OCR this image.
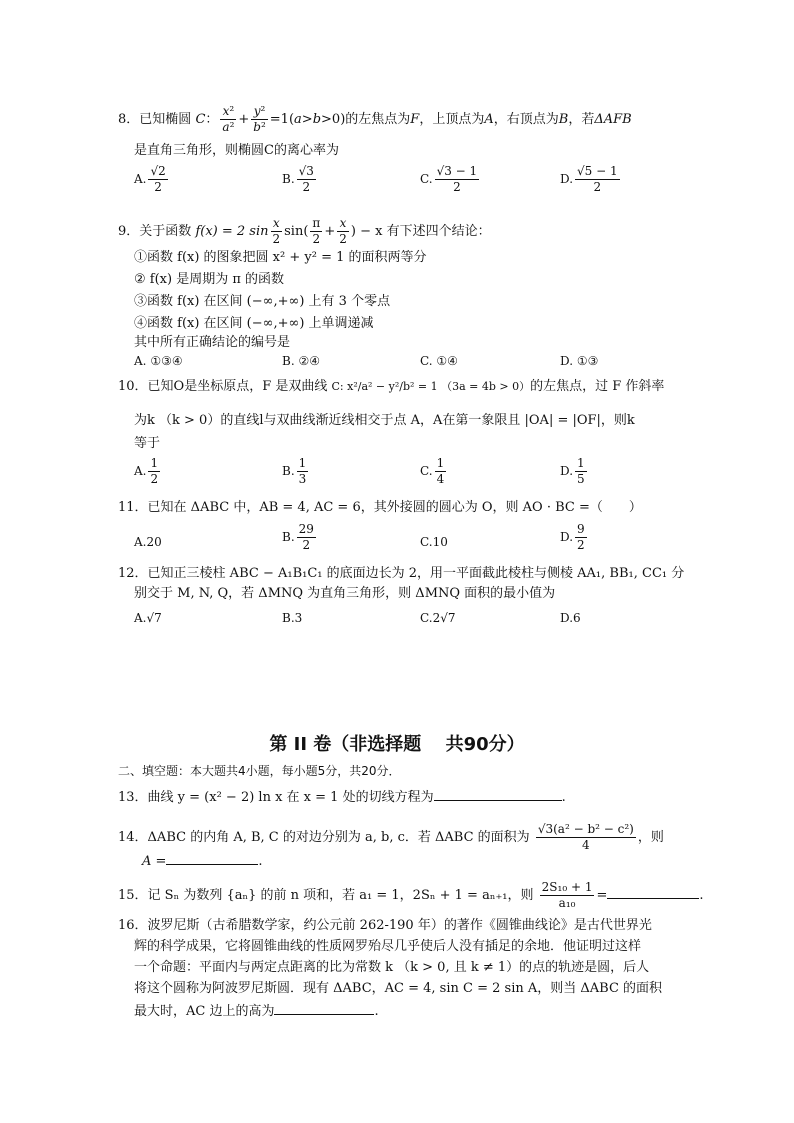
8．已知椭圆 C： $\frac{\text{x²}}{\text{a²}} + \frac{\text{y²}}{\text{b²}} =1(a>b>0)$的左焦点为F，上顶点为A，右顶点为B，若ΔAFB
是直角三角形，则椭圆C的离心率为
A. $\frac{√2}{2}$	B. $\frac{√3}{2}$	C. $\frac{√3 - 1}{2}$	D. $\frac{√5 - 1}{2}$
9．关于函数 f(x) = 2 $\sin \frac{x}{2} \sin( \frac{\pi}{2} + \frac{x}{2}$ ) − x 有下述四个结论：
①函数 f(x) 的图象把圆 x² + y² = 1 的面积两等分
② f(x) 是周期为 π 的函数
③函数 f(x) 在区间 (−∞,+∞) 上有 3 个零点
④函数 f(x) 在区间 (−∞,+∞) 上单调递减
其中所有正确结论的编号是
A. ①③④	B. ②④	C. ①④	D. ①③
10．已知O是坐标原点，F 是双曲线 C: x²/a² − y²/b² = 1 （3a = 4b > 0）的左焦点，过 F 作斜率
为k （k > 0）的直线l与双曲线渐近线相交于点 A，A在第一象限且 |OA| = |OF|，则k
等于
A. $\frac{1}{2}$	B. $\frac{1}{3}$	C. $\frac{1}{4}$	D. $\frac{1}{5}$
11．已知在 ΔABC 中，AB = 4, AC = 6，其外接圆的圆心为 O，则 AO · BC =（　　）
A.20	B. $\frac{29}{2}$	C.10	D. $\frac{9}{2}$
12．已知正三棱柱 ABC − A₁B₁C₁ 的底面边长为 2，用一平面截此棱柱与侧棱 AA₁, BB₁, CC₁ 分
别交于 M, N, Q，若 ΔMNQ 为直角三角形，则 ΔMNQ 面积的最小值为
A.√7	B.3	C.2√7	D.6
第 II 卷（非选择题　 共90分）
二、填空题：本大题共4小题，每小题5分，共20分．
13．曲线 y = (x² − 2) ln x 在 x = 1 处的切线方程为	.
14．ΔABC 的内角 A, B, C 的对边分别为 a, b, c．若 ΔABC 的面积为 $\frac{\text{√3(a² − b² − c²)}}{4}$ ，则
A =	.
15．记 Sₙ 为数列 {aₙ} 的前 n 项和，若 a₁ = 1，2Sₙ + 1 = aₙ₊₁，则 $\frac{\text{2S₁₀ + 1}}{\text{a₁₀}}$ =	.
16．波罗尼斯（古希腊数学家，约公元前 262-190 年）的著作《圆锥曲线论》是古代世界光
辉的科学成果，它将圆锥曲线的性质网罗殆尽几乎使后人没有插足的余地．他证明过这样
一个命题：平面内与两定点距离的比为常数 k （k > 0, 且 k ≠ 1）的点的轨迹是圆，后人
将这个圆称为阿波罗尼斯圆．现有 ΔABC，AC = 4, sin C = 2 sin A，则当 ΔABC 的面积
最大时，AC 边上的高为	.
